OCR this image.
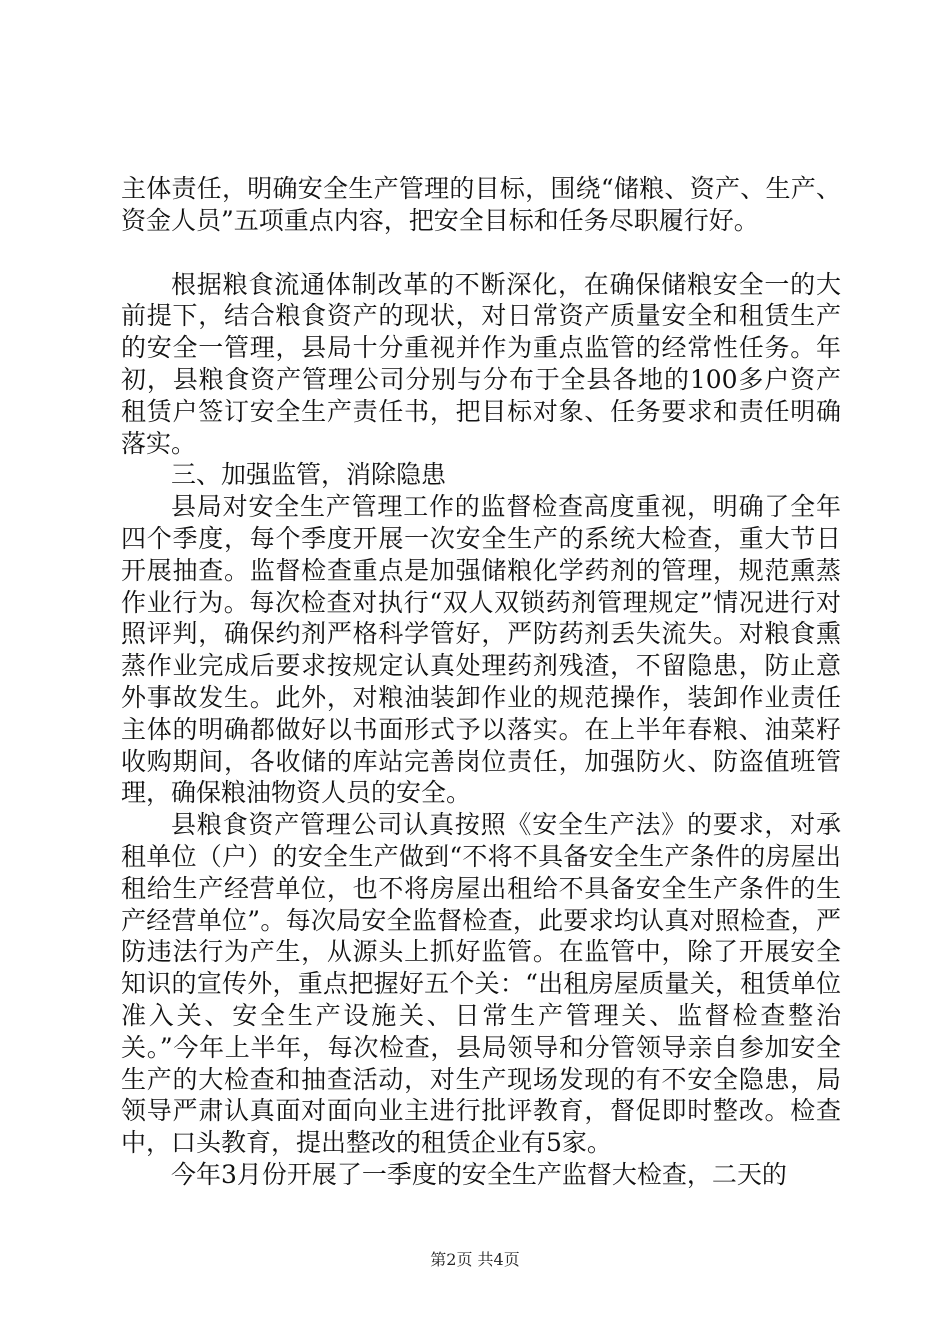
主体责任，明确安全生产管理的目标，围绕“储粮、资产、生产、资金人员”五项重点内容，把安全目标和任务尽职履行好。

根据粮食流通体制改革的不断深化，在确保储粮安全一的大前提下，结合粮食资产的现状，对日常资产质量安全和租赁生产的安全一管理，县局十分重视并作为重点监管的经常性任务。年初，县粮食资产管理公司分别与分布于全县各地的100多户资产租赁户签订安全生产责任书，把目标对象、任务要求和责任明确落实。

三、加强监管，消除隐患

县局对安全生产管理工作的监督检查高度重视，明确了全年四个季度，每个季度开展一次安全生产的系统大检查，重大节日开展抽查。监督检查重点是加强储粮化学药剂的管理，规范熏蒸作业行为。每次检查对执行“双人双锁药剂管理规定”情况进行对照评判，确保约剂严格科学管好，严防药剂丢失流失。对粮食熏蒸作业完成后要求按规定认真处理药剂残渣，不留隐患，防止意外事故发生。此外，对粮油装卸作业的规范操作，装卸作业责任主体的明确都做好以书面形式予以落实。在上半年春粮、油菜籽收购期间，各收储的库站完善岗位责任，加强防火、防盗值班管理，确保粮油物资人员的安全。

县粮食资产管理公司认真按照《安全生产法》的要求，对承租单位（户）的安全生产做到“不将不具备安全生产条件的房屋出租给生产经营单位，也不将房屋出租给不具备安全生产条件的生产经营单位”。每次局安全监督检查，此要求均认真对照检查，严防违法行为产生，从源头上抓好监管。在监管中，除了开展安全知识的宣传外，重点把握好五个关：“出租房屋质量关，租赁单位准入关、安全生产设施关、日常生产管理关、监督检查整治关。”今年上半年，每次检查，县局领导和分管领导亲自参加安全生产的大检查和抽查活动，对生产现场发现的有不安全隐患，局领导严肃认真面对面向业主进行批评教育，督促即时整改。检查中，口头教育，提出整改的租赁企业有5家。

今年3月份开展了一季度的安全生产监督大检查，二天的

第2页 共4页
